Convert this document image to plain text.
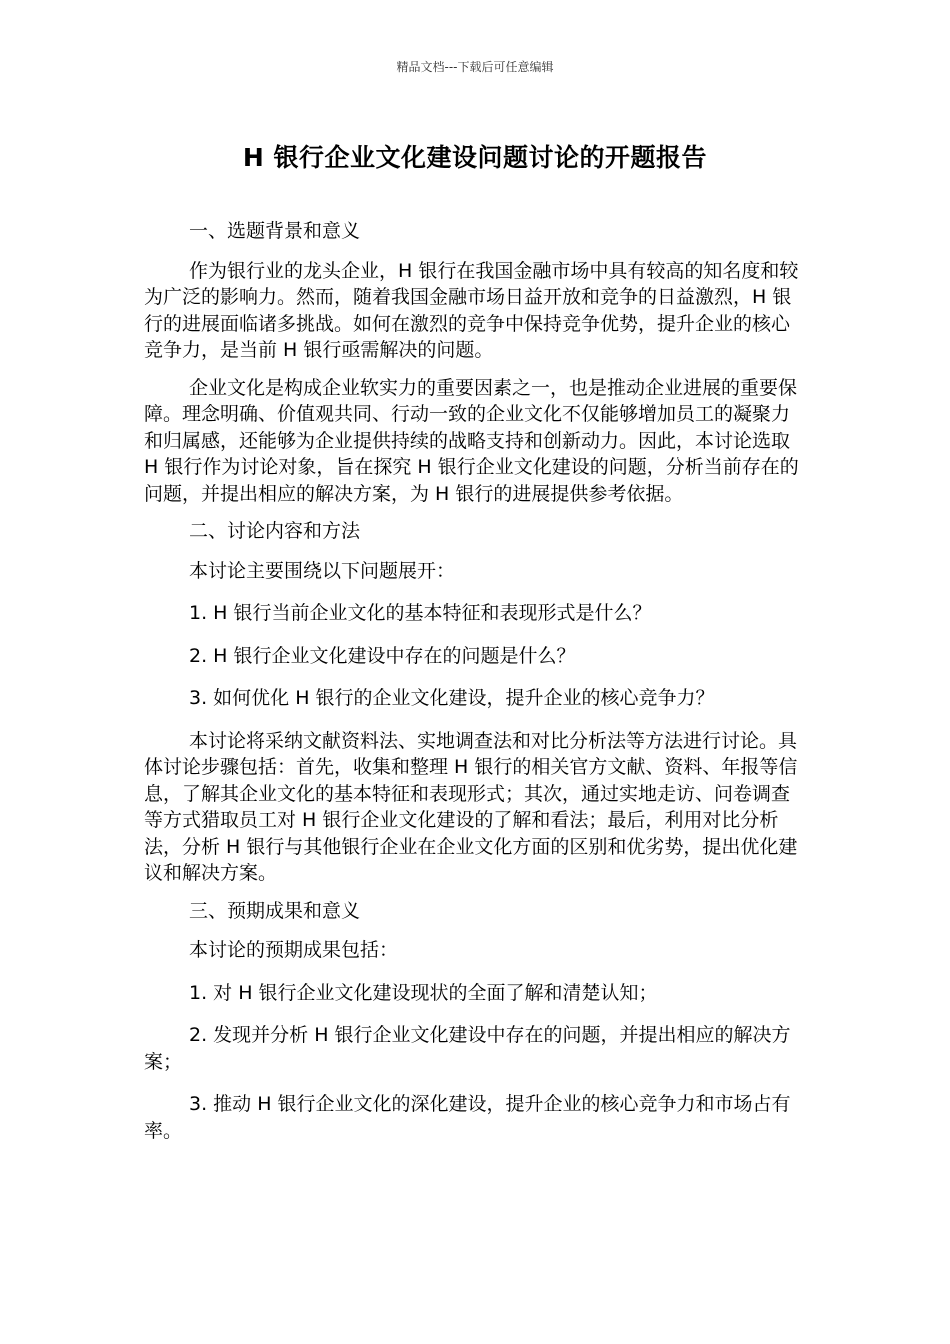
精品文档---下载后可任意编辑
H 银行企业文化建设问题讨论的开题报告

一、选题背景和意义

作为银行业的龙头企业，H 银行在我国金融市场中具有较高的知名度和较为广泛的影响力。然而，随着我国金融市场日益开放和竞争的日益激烈，H 银行的进展面临诸多挑战。如何在激烈的竞争中保持竞争优势，提升企业的核心竞争力，是当前 H 银行亟需解决的问题。

企业文化是构成企业软实力的重要因素之一，也是推动企业进展的重要保障。理念明确、价值观共同、行动一致的企业文化不仅能够增加员工的凝聚力和归属感，还能够为企业提供持续的战略支持和创新动力。因此，本讨论选取 H 银行作为讨论对象，旨在探究 H 银行企业文化建设的问题，分析当前存在的问题，并提出相应的解决方案，为 H 银行的进展提供参考依据。

二、讨论内容和方法

本讨论主要围绕以下问题展开：

1. H 银行当前企业文化的基本特征和表现形式是什么？

2. H 银行企业文化建设中存在的问题是什么？

3. 如何优化 H 银行的企业文化建设，提升企业的核心竞争力？

本讨论将采纳文献资料法、实地调查法和对比分析法等方法进行讨论。具体讨论步骤包括：首先，收集和整理 H 银行的相关官方文献、资料、年报等信息，了解其企业文化的基本特征和表现形式；其次，通过实地走访、问卷调查等方式猎取员工对 H 银行企业文化建设的了解和看法；最后，利用对比分析法，分析 H 银行与其他银行企业在企业文化方面的区别和优劣势，提出优化建议和解决方案。

三、预期成果和意义

本讨论的预期成果包括：

1. 对 H 银行企业文化建设现状的全面了解和清楚认知；

2. 发现并分析 H 银行企业文化建设中存在的问题，并提出相应的解决方案；

3. 推动 H 银行企业文化的深化建设，提升企业的核心竞争力和市场占有率。
